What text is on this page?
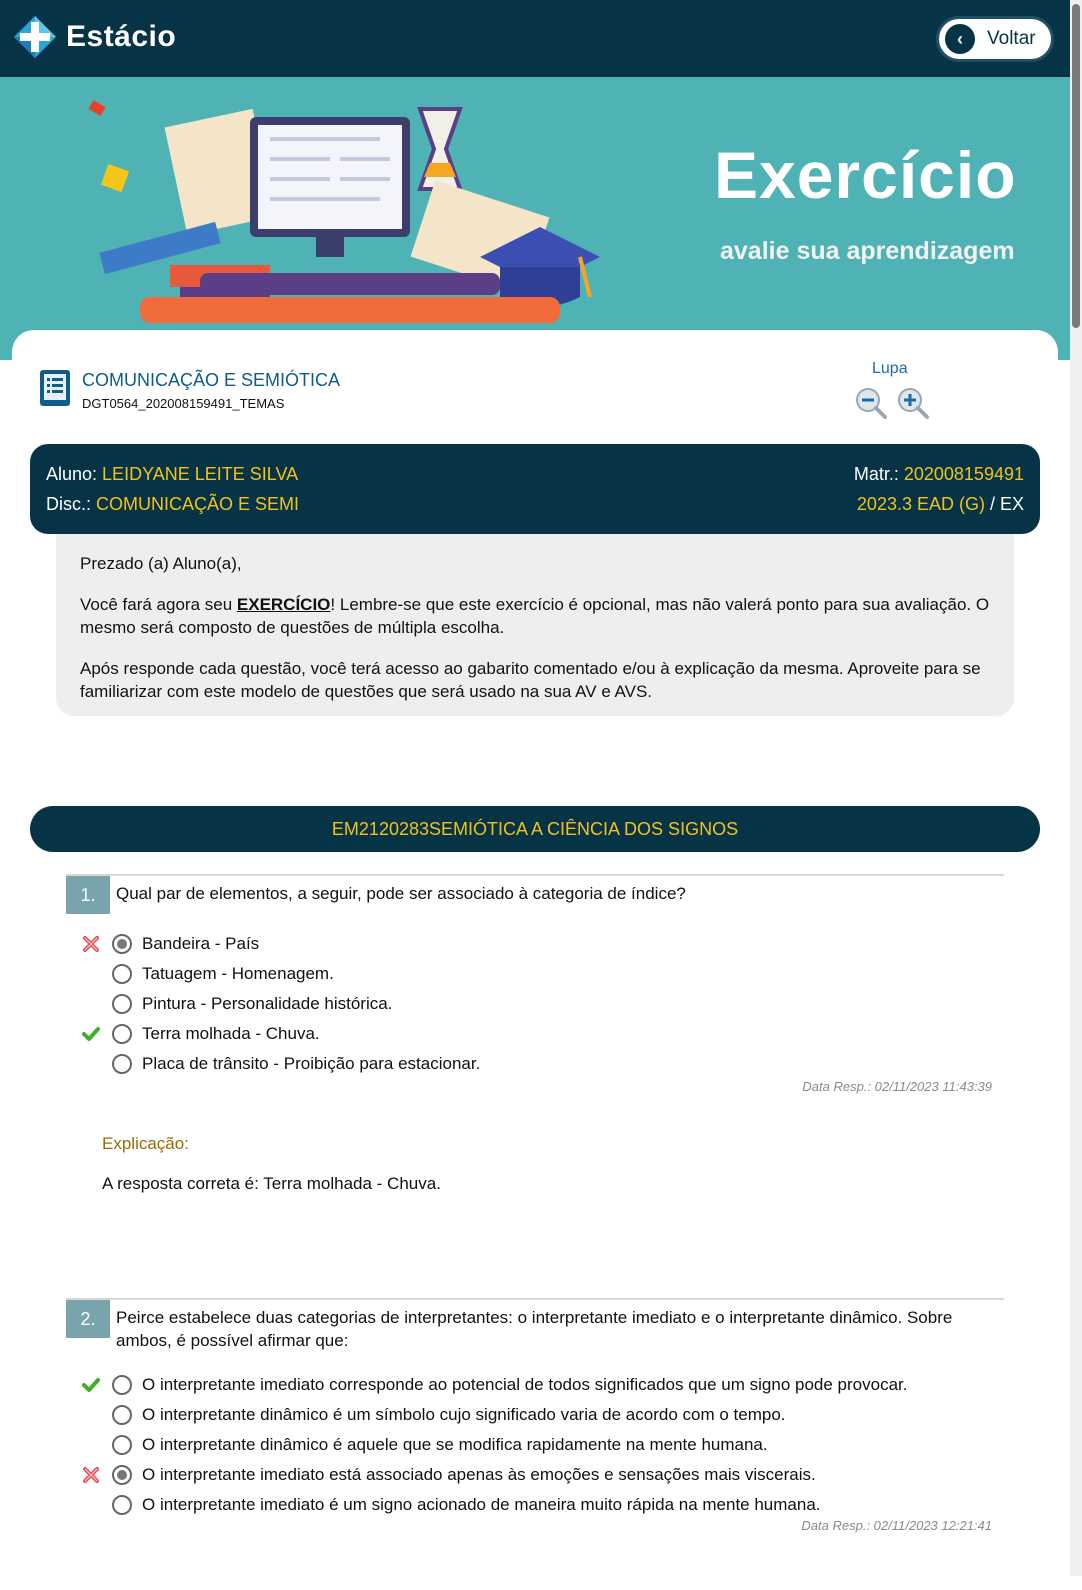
Estácio	‹	Voltar
Exercício
avalie sua aprendizagem
COMUNICAÇÃO E SEMIÓTICA
DGT0564_202008159491_TEMAS
Lupa
Aluno: LEIDYANE LEITE SILVA
Disc.: COMUNICAÇÃO E SEMI
Matr.: 202008159491
2023.3 EAD (G) / EX

Prezado (a) Aluno(a),

Você fará agora seu EXERCÍCIO! Lembre-se que este exercício é opcional, mas não valerá ponto para sua avaliação. O mesmo será composto de questões de múltipla escolha.

Após responde cada questão, você terá acesso ao gabarito comentado e/ou à explicação da mesma. Aproveite para se familiarizar com este modelo de questões que será usado na sua AV e AVS.

EM2120283SEMIÓTICA A CIÊNCIA DOS SIGNOS
1.	Qual par de elementos, a seguir, pode ser associado à categoria de índice?
Bandeira - País
Tatuagem - Homenagem.
Pintura - Personalidade histórica.
Terra molhada - Chuva.
Placa de trânsito - Proibição para estacionar.
Data Resp.: 02/11/2023 11:43:39
Explicação:
A resposta correta é: Terra molhada - Chuva.
2.	Peirce estabelece duas categorias de interpretantes: o interpretante imediato e o interpretante dinâmico. Sobre ambos, é possível afirmar que:
O interpretante imediato corresponde ao potencial de todos significados que um signo pode provocar.
O interpretante dinâmico é um símbolo cujo significado varia de acordo com o tempo.
O interpretante dinâmico é aquele que se modifica rapidamente na mente humana.
O interpretante imediato está associado apenas às emoções e sensações mais viscerais.
O interpretante imediato é um signo acionado de maneira muito rápida na mente humana.
Data Resp.: 02/11/2023 12:21:41
